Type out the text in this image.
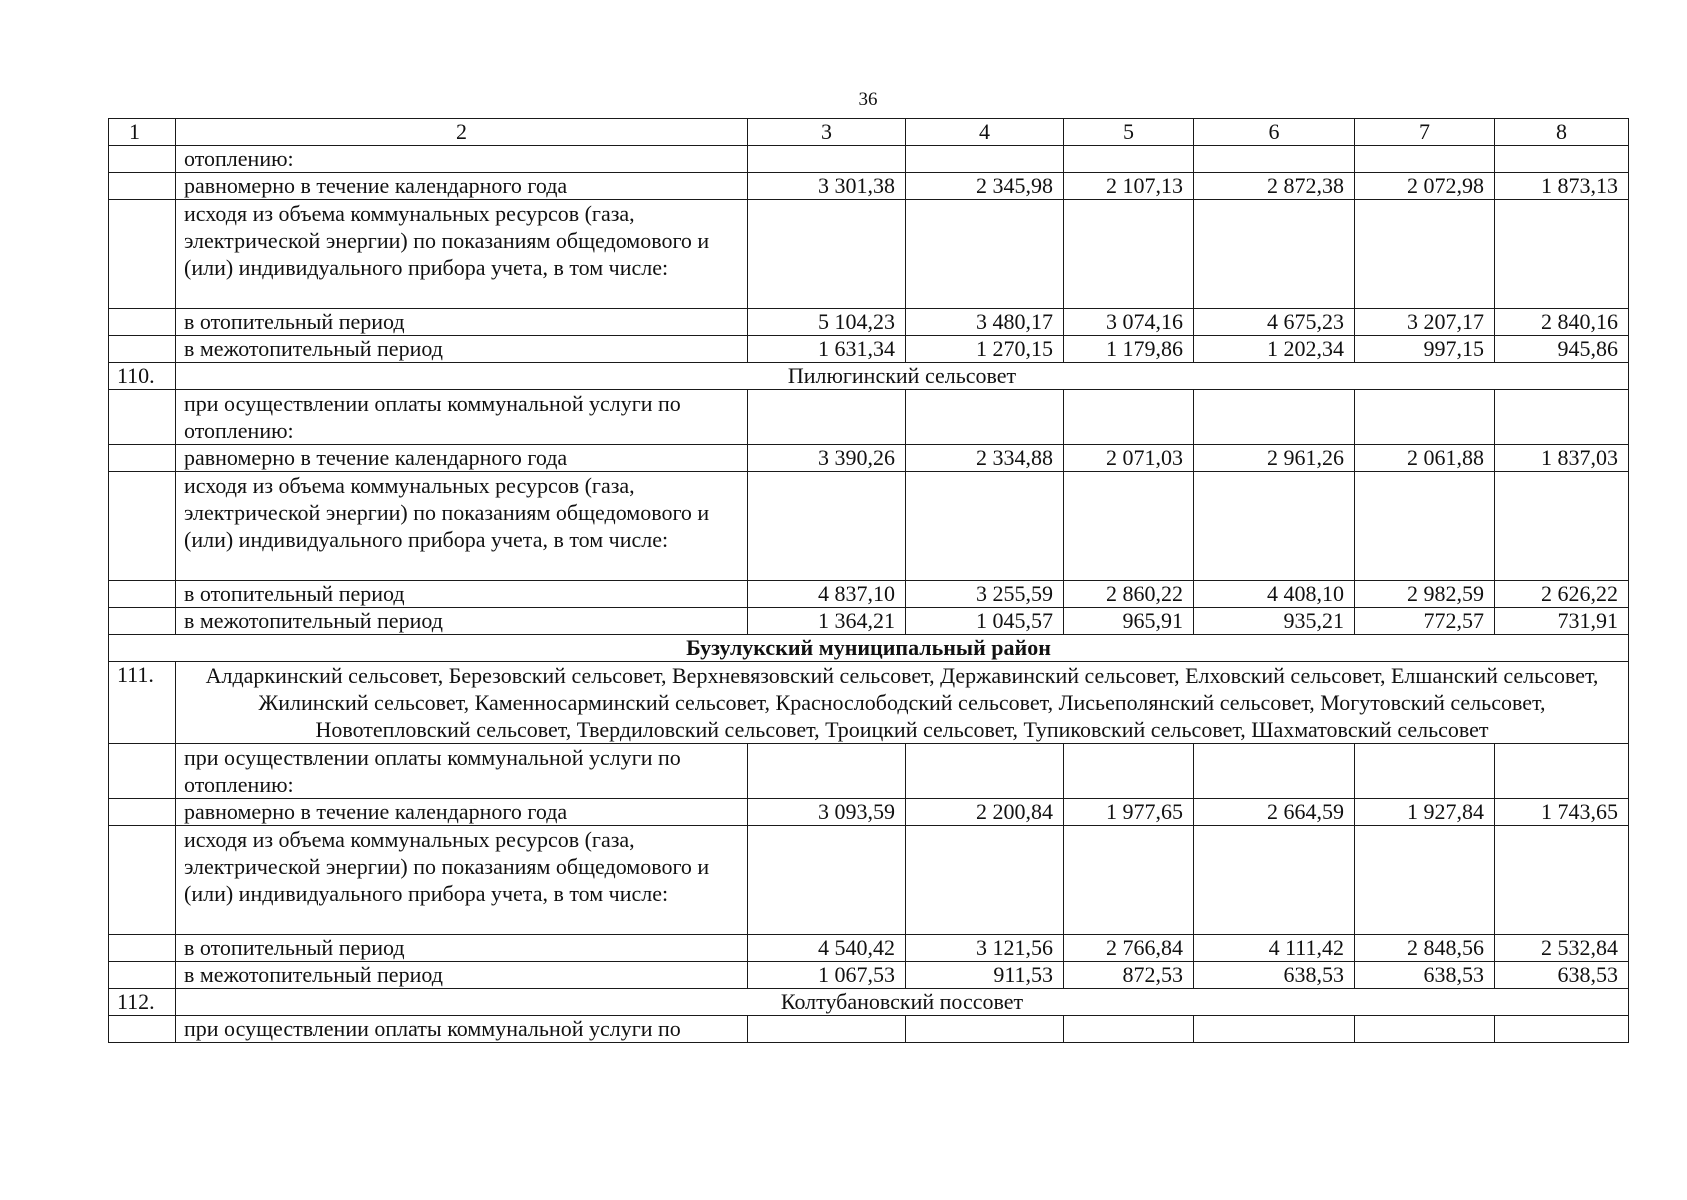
36
1	2	3	4	5	6	7	8
	отоплению:						
	равномерно в течение календарного года	3 301,38	2 345,98	2 107,13	2 872,38	2 072,98	1 873,13
	исходя из объема коммунальных ресурсов (газа, электрической энергии) по показаниям общедомового и (или) индивидуального прибора учета, в том числе:						
	в отопительный период	5 104,23	3 480,17	3 074,16	4 675,23	3 207,17	2 840,16
	в межотопительный период	1 631,34	1 270,15	1 179,86	1 202,34	997,15	945,86
110.	Пилюгинский сельсовет						
	при осуществлении оплаты коммунальной услуги по отоплению:						
	равномерно в течение календарного года	3 390,26	2 334,88	2 071,03	2 961,26	2 061,88	1 837,03
	исходя из объема коммунальных ресурсов (газа, электрической энергии) по показаниям общедомового и (или) индивидуального прибора учета, в том числе:						
	в отопительный период	4 837,10	3 255,59	2 860,22	4 408,10	2 982,59	2 626,22
	в межотопительный период	1 364,21	1 045,57	965,91	935,21	772,57	731,91
Бузулукский муниципальный район							
111.	Алдаркинский сельсовет, Березовский сельсовет, Верхневязовский сельсовет, Державинский сельсовет, Елховский сельсовет, Елшанский сельсовет, Жилинский сельсовет, Каменносарминский сельсовет, Краснослободский сельсовет, Лисьеполянский сельсовет, Могутовский сельсовет, Новотепловский сельсовет, Твердиловский сельсовет, Троицкий сельсовет, Тупиковский сельсовет, Шахматовский сельсовет						
	при осуществлении оплаты коммунальной услуги по отоплению:						
	равномерно в течение календарного года	3 093,59	2 200,84	1 977,65	2 664,59	1 927,84	1 743,65
	исходя из объема коммунальных ресурсов (газа, электрической энергии) по показаниям общедомового и (или) индивидуального прибора учета, в том числе:						
	в отопительный период	4 540,42	3 121,56	2 766,84	4 111,42	2 848,56	2 532,84
	в межотопительный период	1 067,53	911,53	872,53	638,53	638,53	638,53
112.	Колтубановский поссовет						
	при осуществлении оплаты коммунальной услуги по						
